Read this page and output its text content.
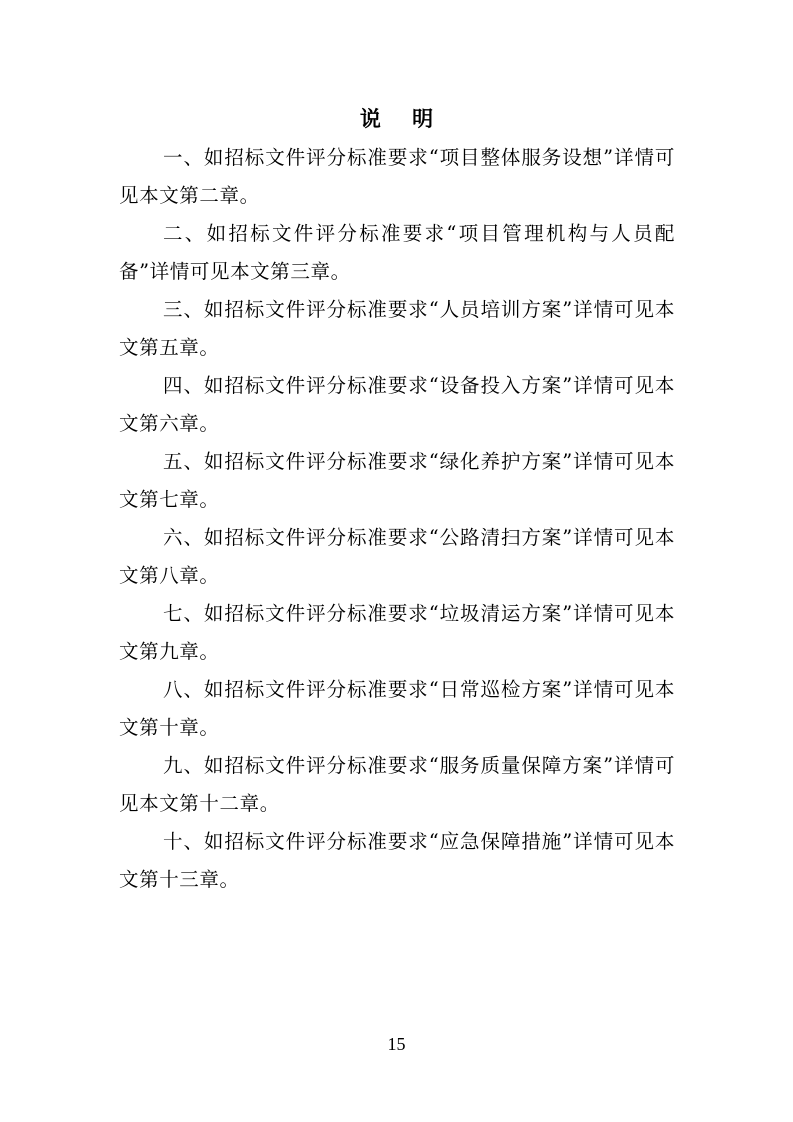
说 明

一、如招标文件评分标准要求“项目整体服务设想”详情可见本文第二章。

二、如招标文件评分标准要求“项目管理机构与人员配备”详情可见本文第三章。

三、如招标文件评分标准要求“人员培训方案”详情可见本文第五章。

四、如招标文件评分标准要求“设备投入方案”详情可见本文第六章。

五、如招标文件评分标准要求“绿化养护方案”详情可见本文第七章。

六、如招标文件评分标准要求“公路清扫方案”详情可见本文第八章。

七、如招标文件评分标准要求“垃圾清运方案”详情可见本文第九章。

八、如招标文件评分标准要求“日常巡检方案”详情可见本文第十章。

九、如招标文件评分标准要求“服务质量保障方案”详情可见本文第十二章。

十、如招标文件评分标准要求“应急保障措施”详情可见本文第十三章。

15
